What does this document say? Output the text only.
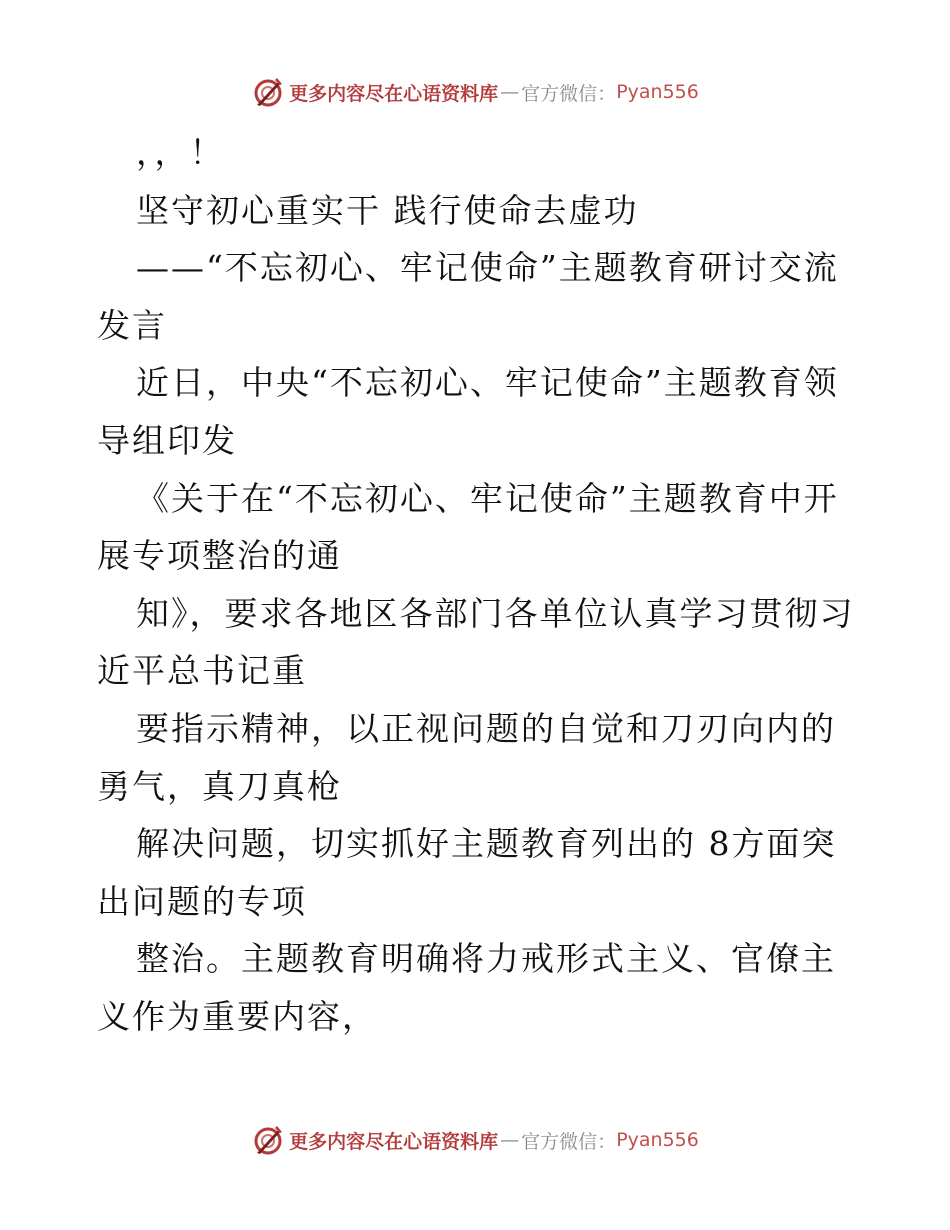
更多内容尽在心语资料库 — 官方微信： Pyan556

，，！

坚守初心重实干 践行使命去虚功

——“不忘初心、牢记使命”主题教育研讨交流发言

近日，中央“不忘初心、牢记使命”主题教育领导组印发

《关于在“不忘初心、牢记使命”主题教育中开展专项整治的通

知》，要求各地区各部门各单位认真学习贯彻习近平总书记重

要指示精神，以正视问题的自觉和刀刃向内的勇气，真刀真枪

解决问题，切实抓好主题教育列出的 8方面突出问题的专项

整治。主题教育明确将力戒形式主义、官僚主义作为重要内容，

更多内容尽在心语资料库 — 官方微信： Pyan556
